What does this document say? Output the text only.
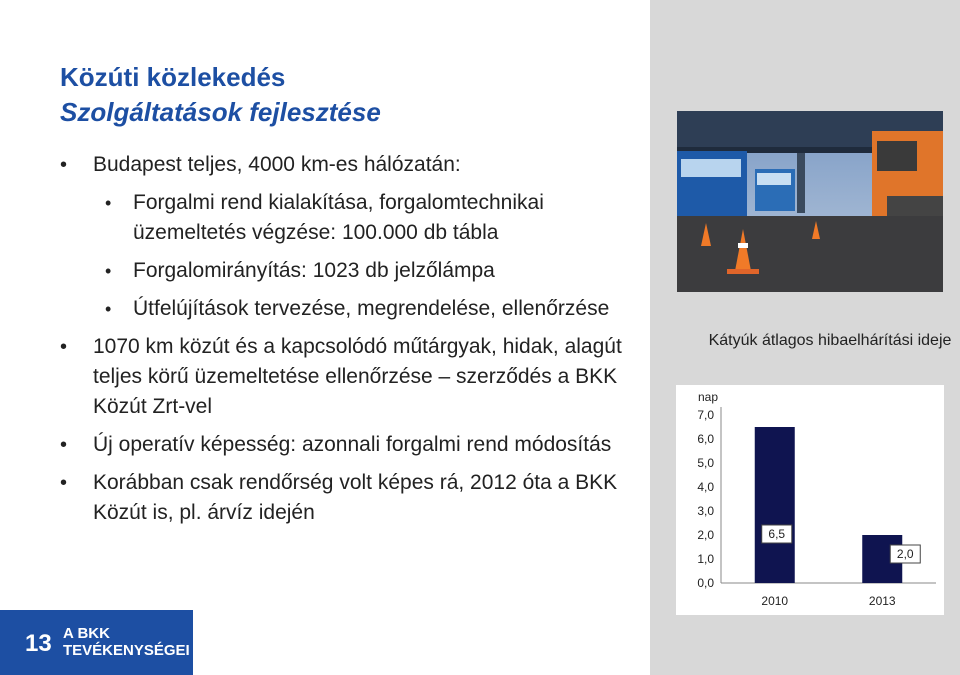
Közúti közlekedés
Szolgáltatások fejlesztése
• Budapest teljes, 4000 km-es hálózatán:
• Forgalmi rend kialakítása, forgalomtechnikai üzemeltetés végzése: 100.000 db tábla
• Forgalomirányítás: 1023 db jelzőlámpa
• Útfelújítások tervezése, megrendelése, ellenőrzése
• 1070 km közút és a kapcsolódó műtárgyak, hidak, alagút teljes körű üzemeltetése ellenőrzése – szerződés a BKK Közút Zrt-vel
• Új operatív képesség: azonnali forgalmi rend módosítás
• Korábban csak rendőrség volt képes rá, 2012 óta a BKK Közút is, pl. árvíz idején
Kátyúk átlagos hibaelhárítási ideje
nap
0,0
1,0
2,0
3,0
4,0
5,0
6,0
7,0
6,5
2010
2,0
2013
13 A BKK
TEVÉKENYSÉGEI
